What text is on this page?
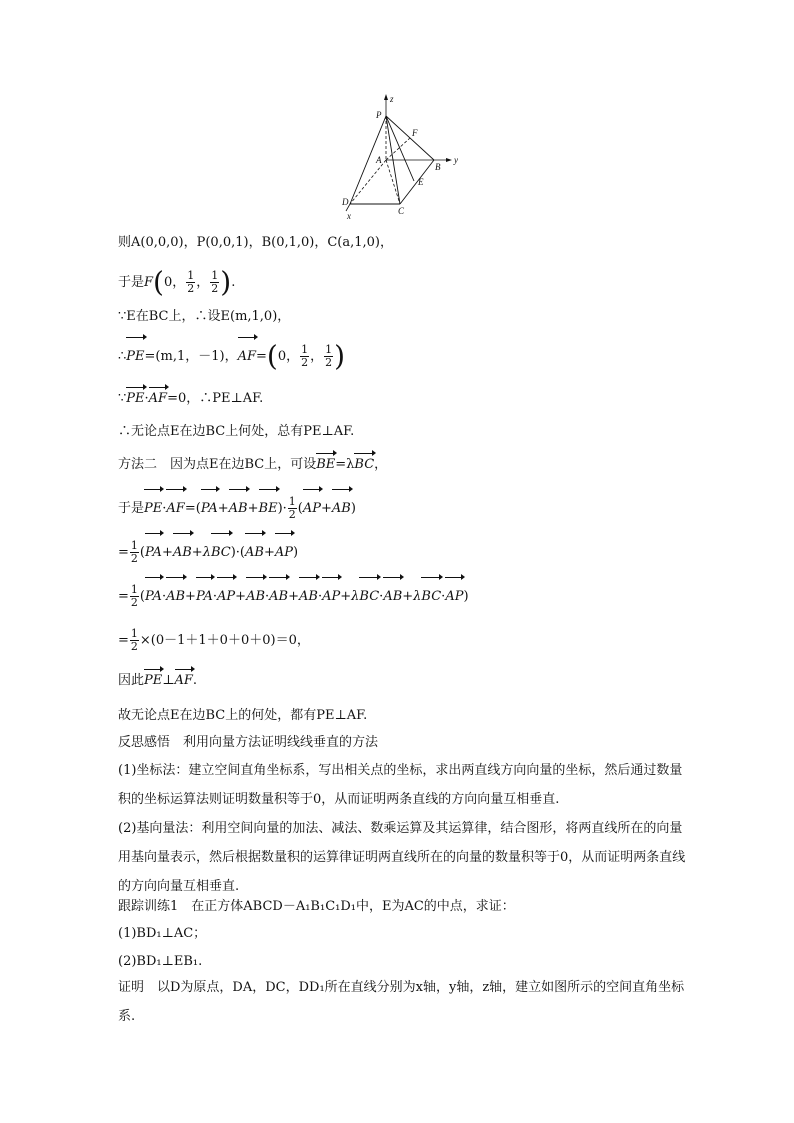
z
P
F
A
B
y
E
D
C
x
则A(0,0,0)，P(0,0,1)，B(0,1,0)，C(a,1,0)，
于是F(0， $\frac{1}{2}$ ， $\frac{1}{2}$ ).
∵E在BC上，∴设E(m,1,0)，
∴PE=(m,1，－1)，AF=(0， $\frac{1}{2}$ ， $\frac{1}{2}$ )
∵PE·AF=0，∴PE⊥AF.
∴无论点E在边BC上何处，总有PE⊥AF.
方法二　因为点E在边BC上，可设BE=λBC，
于是$PE\cdot AF=(PA+AB+BE)\cdot \frac{1}{2} (AP+AB)$
= $\frac{1}{2} (PA+AB+\lambda BC)\cdot(AB+AP)$
= $\frac{1}{2} (PA\cdot AB+PA\cdot AP+AB\cdot AB+AB\cdot AP+\lambda BC\cdot AB+\lambda BC\cdot AP)$
= $\frac{1}{2} \times(0-1+1+0+0+0)=0$，
因此PE⊥AF.
故无论点E在边BC上的何处，都有PE⊥AF.
反思感悟　利用向量方法证明线线垂直的方法
(1)坐标法：建立空间直角坐标系，写出相关点的坐标，求出两直线方向向量的坐标，然后通过数量积的坐标运算法则证明数量积等于0，从而证明两条直线的方向向量互相垂直.
(2)基向量法：利用空间向量的加法、减法、数乘运算及其运算律，结合图形，将两直线所在的向量用基向量表示，然后根据数量积的运算律证明两直线所在的向量的数量积等于0，从而证明两条直线的方向向量互相垂直.
跟踪训练1　在正方体ABCD－A₁B₁C₁D₁中，E为AC的中点，求证：
(1)BD₁⊥AC；
(2)BD₁⊥EB₁.
证明　以D为原点，DA，DC，DD₁所在直线分别为x轴，y轴，z轴，建立如图所示的空间直角坐标系.
